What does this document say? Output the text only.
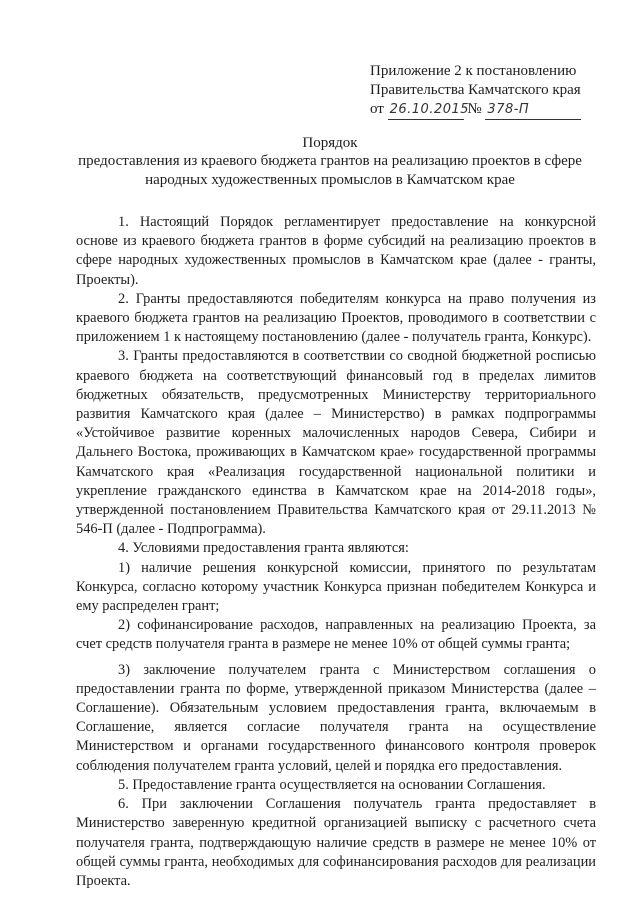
Приложение 2 к постановлению
Правительства Камчатского края
от 26.10.2015 № 378-П
Порядок
предоставления из краевого бюджета грантов на реализацию проектов в сфере
народных художественных промыслов в Камчатском крае

1. Настоящий Порядок регламентирует предоставление на конкурсной основе из краевого бюджета грантов в форме субсидий на реализацию проектов в сфере народных художественных промыслов в Камчатском крае (далее - гранты, Проекты).

2. Гранты предоставляются победителям конкурса на право получения из краевого бюджета грантов на реализацию Проектов, проводимого в соответствии с приложением 1 к настоящему постановлению (далее - получатель гранта, Конкурс).

3. Гранты предоставляются в соответствии со сводной бюджетной росписью краевого бюджета на соответствующий финансовый год в пределах лимитов бюджетных обязательств, предусмотренных Министерству территориального развития Камчатского края (далее – Министерство) в рамках подпрограммы «Устойчивое развитие коренных малочисленных народов Севера, Сибири и Дальнего Востока, проживающих в Камчатском крае» государственной программы Камчатского края «Реализация государственной национальной политики и укрепление гражданского единства в Камчатском крае на 2014-2018 годы», утвержденной постановлением Правительства Камчатского края от 29.11.2013 № 546-П (далее - Подпрограмма).

4. Условиями предоставления гранта являются:

1) наличие решения конкурсной комиссии, принятого по результатам Конкурса, согласно которому участник Конкурса признан победителем Конкурса и ему распределен грант;

2) софинансирование расходов, направленных на реализацию Проекта, за счет средств получателя гранта в размере не менее 10% от общей суммы гранта;

3) заключение получателем гранта с Министерством соглашения о предоставлении гранта по форме, утвержденной приказом Министерства (далее – Соглашение). Обязательным условием предоставления гранта, включаемым в Соглашение, является согласие получателя гранта на осуществление Министерством и органами государственного финансового контроля проверок соблюдения получателем гранта условий, целей и порядка его предоставления.

5. Предоставление гранта осуществляется на основании Соглашения.

6. При заключении Соглашения получатель гранта предоставляет в Министерство заверенную кредитной организацией выписку с расчетного счета получателя гранта, подтверждающую наличие средств в размере не менее 10% от общей суммы гранта, необходимых для софинансирования расходов для реализации Проекта.
